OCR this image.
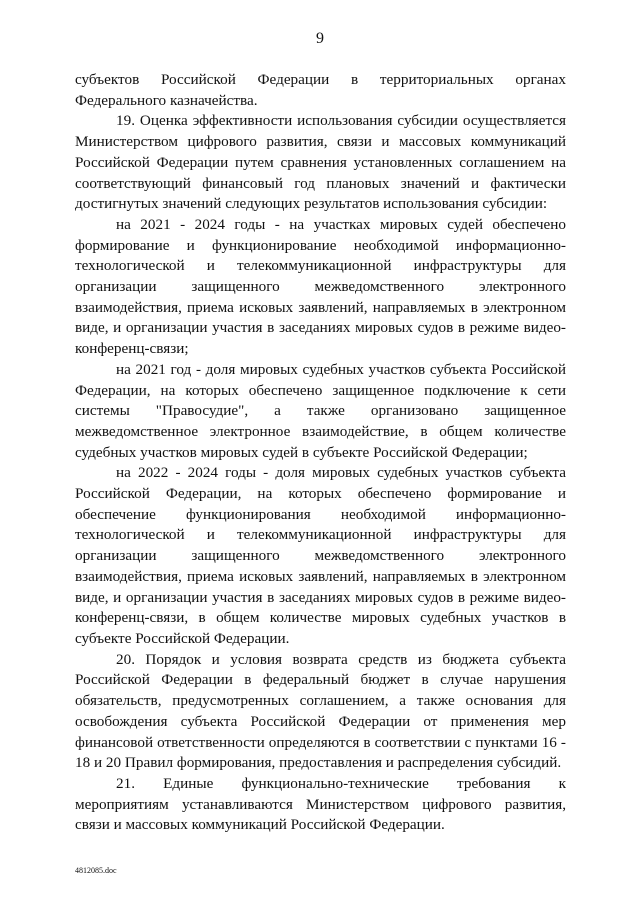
9

субъектов Российской Федерации в территориальных органах Федерального казначейства.

19. Оценка эффективности использования субсидии осуществляется Министерством цифрового развития, связи и массовых коммуникаций Российской Федерации путем сравнения установленных соглашением на соответствующий финансовый год плановых значений и фактически достигнутых значений следующих результатов использования субсидии:

на 2021 - 2024 годы - на участках мировых судей обеспечено формирование и функционирование необходимой информационно-технологической и телекоммуникационной инфраструктуры для организации защищенного межведомственного электронного взаимодействия, приема исковых заявлений, направляемых в электронном виде, и организации участия в заседаниях мировых судов в режиме видео-конференц-связи;

на 2021 год - доля мировых судебных участков субъекта Российской Федерации, на которых обеспечено защищенное подключение к сети системы "Правосудие", а также организовано защищенное межведомственное электронное взаимодействие, в общем количестве судебных участков мировых судей в субъекте Российской Федерации;

на 2022 - 2024 годы - доля мировых судебных участков субъекта Российской Федерации, на которых обеспечено формирование и обеспечение функционирования необходимой информационно-технологической и телекоммуникационной инфраструктуры для организации защищенного межведомственного электронного взаимодействия, приема исковых заявлений, направляемых в электронном виде, и организации участия в заседаниях мировых судов в режиме видео-конференц-связи, в общем количестве мировых судебных участков в субъекте Российской Федерации.

20. Порядок и условия возврата средств из бюджета субъекта Российской Федерации в федеральный бюджет в случае нарушения обязательств, предусмотренных соглашением, а также основания для освобождения субъекта Российской Федерации от применения мер финансовой ответственности определяются в соответствии с пунктами 16 - 18 и 20 Правил формирования, предоставления и распределения субсидий.

21. Единые функционально-технические требования к мероприятиям устанавливаются Министерством цифрового развития, связи и массовых коммуникаций Российской Федерации.

4812085.doc
